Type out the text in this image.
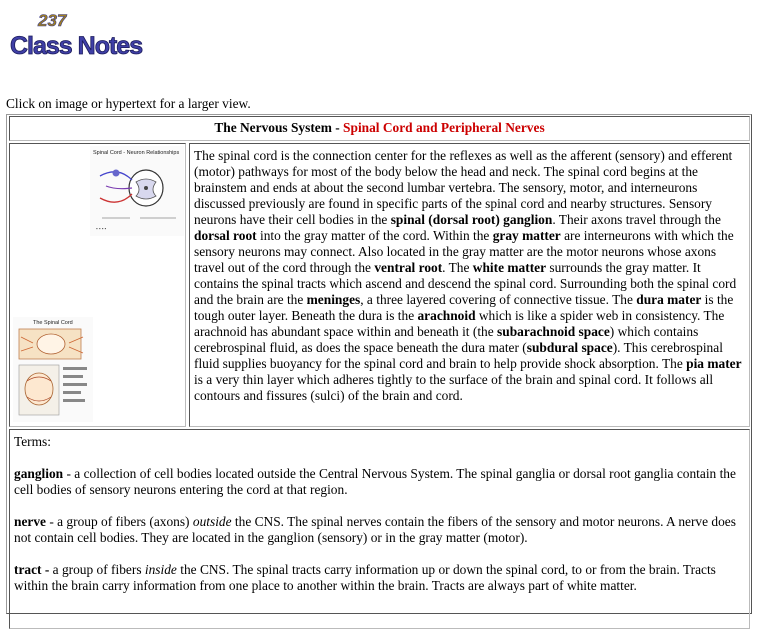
237
Class Notes
Click on image or hypertext for a larger view.
The Nervous System - Spinal Cord and Peripheral Nerves
Spinal Cord - Neuron Relationships
▪ ▪ ▪ ▪
The Spinal Cord
The spinal cord is the connection center for the reflexes as well as the afferent (sensory) and efferent (motor) pathways for most of the body below the head and neck. The spinal cord begins at the brainstem and ends at about the second lumbar vertebra. The sensory, motor, and interneurons discussed previously are found in specific parts of the spinal cord and nearby structures. Sensory neurons have their cell bodies in the spinal (dorsal root) ganglion. Their axons travel through the dorsal root into the gray matter of the cord. Within the gray matter are interneurons with which the sensory neurons may connect. Also located in the gray matter are the motor neurons whose axons travel out of the cord through the ventral root. The white matter surrounds the gray matter. It contains the spinal tracts which ascend and descend the spinal cord. Surrounding both the spinal cord and the brain are the meninges, a three layered covering of connective tissue. The dura mater is the tough outer layer. Beneath the dura is the arachnoid which is like a spider web in consistency. The arachnoid has abundant space within and beneath it (the subarachnoid space) which contains cerebrospinal fluid, as does the space beneath the dura mater (subdural space). This cerebrospinal fluid supplies buoyancy for the spinal cord and brain to help provide shock absorption. The pia mater is a very thin layer which adheres tightly to the surface of the brain and spinal cord. It follows all contours and fissures (sulci) of the brain and cord.

Terms:

ganglion - a collection of cell bodies located outside the Central Nervous System. The spinal ganglia or dorsal root ganglia contain the cell bodies of sensory neurons entering the cord at that region.

nerve - a group of fibers (axons) outside the CNS. The spinal nerves contain the fibers of the sensory and motor neurons. A nerve does not contain cell bodies. They are located in the ganglion (sensory) or in the gray matter (motor).

tract - a group of fibers inside the CNS. The spinal tracts carry information up or down the spinal cord, to or from the brain. Tracts within the brain carry information from one place to another within the brain. Tracts are always part of white matter.
